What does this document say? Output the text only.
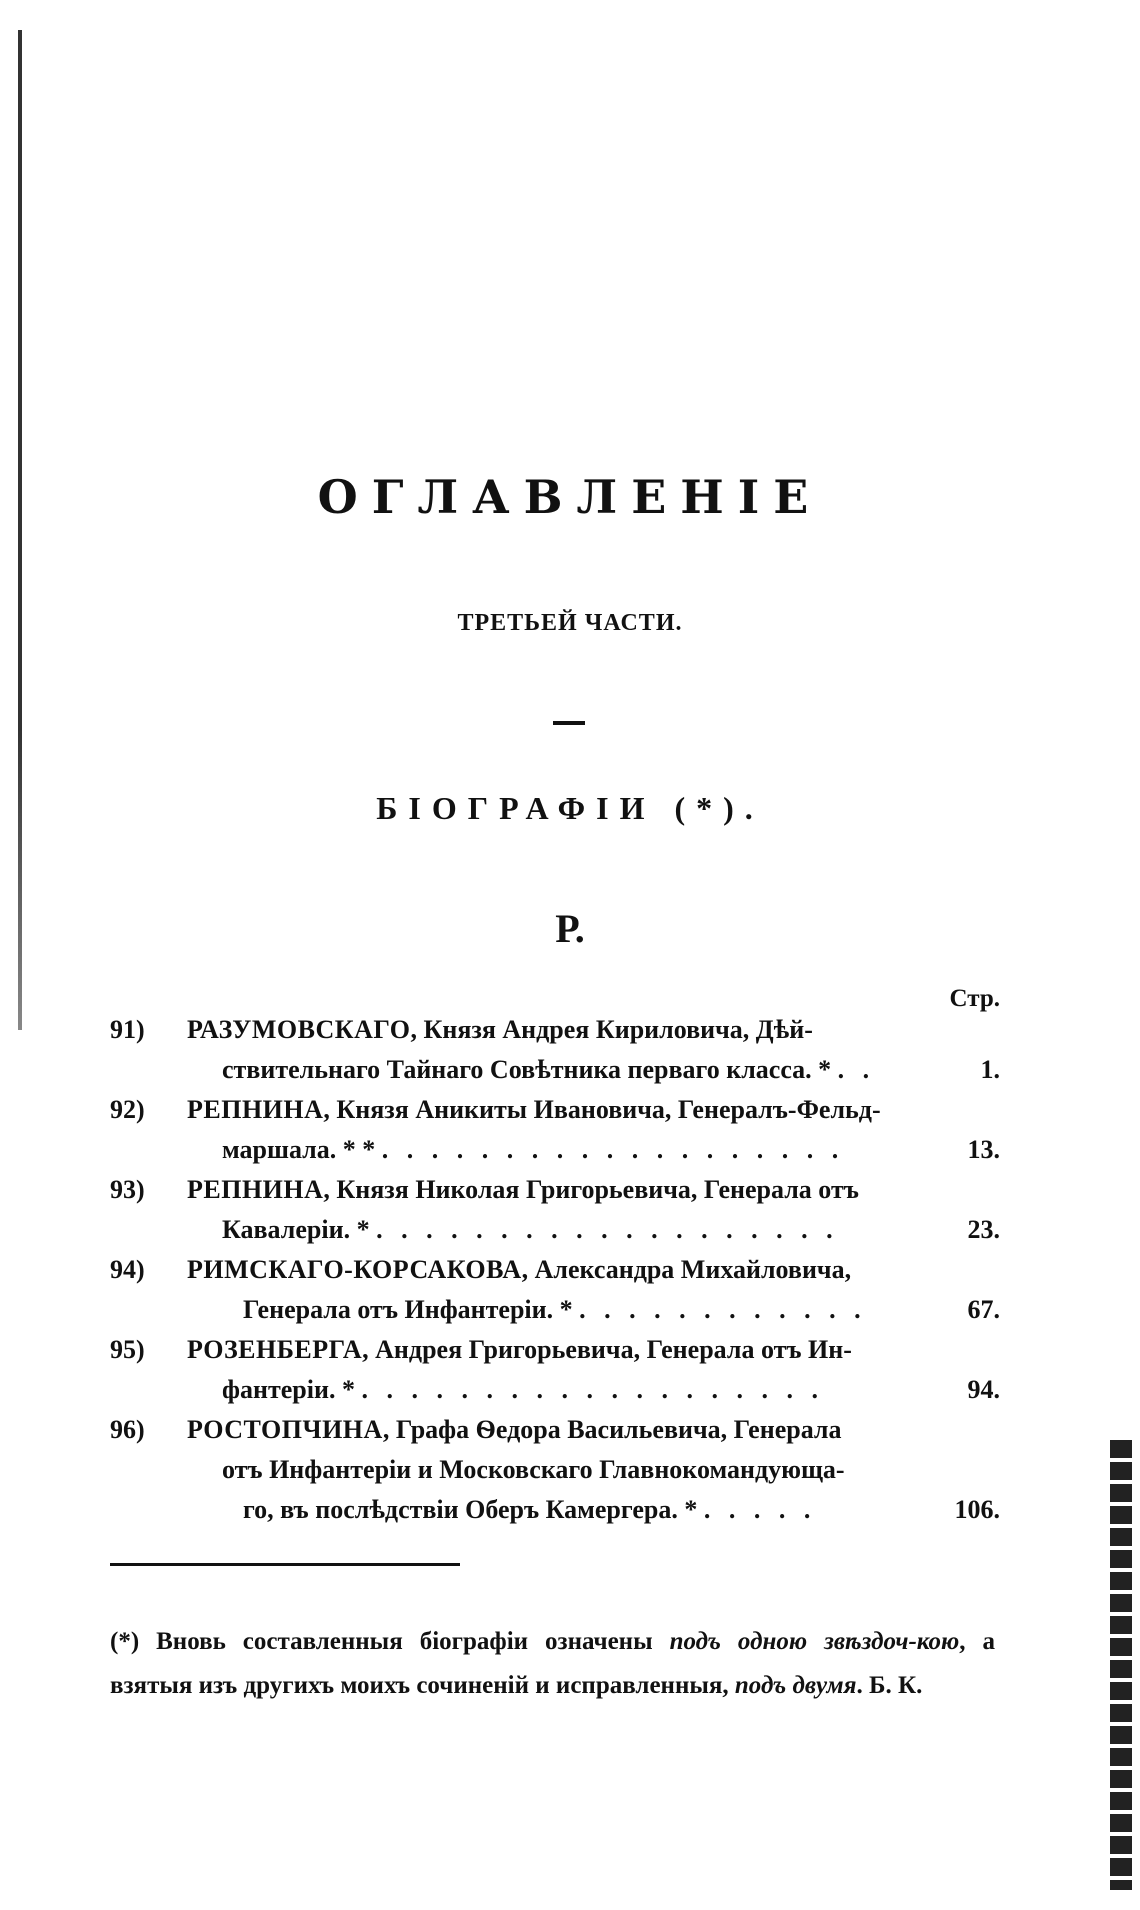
ОГЛАВЛЕНІЕ
ТРЕТЬЕЙ ЧАСТИ.
БІОГРАФІИ (*).
Р.
Стр.
91)	РАЗУМОВСКАГО, Князя Андрея Кириловича, Дѣй-
ствительнаго Тайнаго Совѣтника перваго класса. * . .	1.
92)	РЕПНИНА, Князя Аникиты Ивановича, Генералъ-Фельд-
маршала. * * . . . . . . . . . . . . . . . . . . .	13.
93)	РЕПНИНА, Князя Николая Григорьевича, Генерала отъ
Кавалеріи. * . . . . . . . . . . . . . . . . . . .	23.
94)	РИМСКАГО-КОРСАКОВА, Александра Михайловича,
Генерала отъ Инфантеріи. * . . . . . . . . . . . .	67.
95)	РОЗЕНБЕРГА, Андрея Григорьевича, Генерала отъ Ин-
фантеріи. * . . . . . . . . . . . . . . . . . . .	94.
96)	РОСТОПЧИНА, Графа Ѳедора Васильевича, Генерала
отъ Инфантеріи и Московскаго Главнокомандующа-
го, въ послѣдствіи Оберъ Камергера. * . . . . .	106.
(*) Вновь составленныя біографіи означены подъ одною звѣздоч-кою, а взятыя изъ другихъ моихъ сочиненій и исправленныя, подъ двумя. Б. К.
